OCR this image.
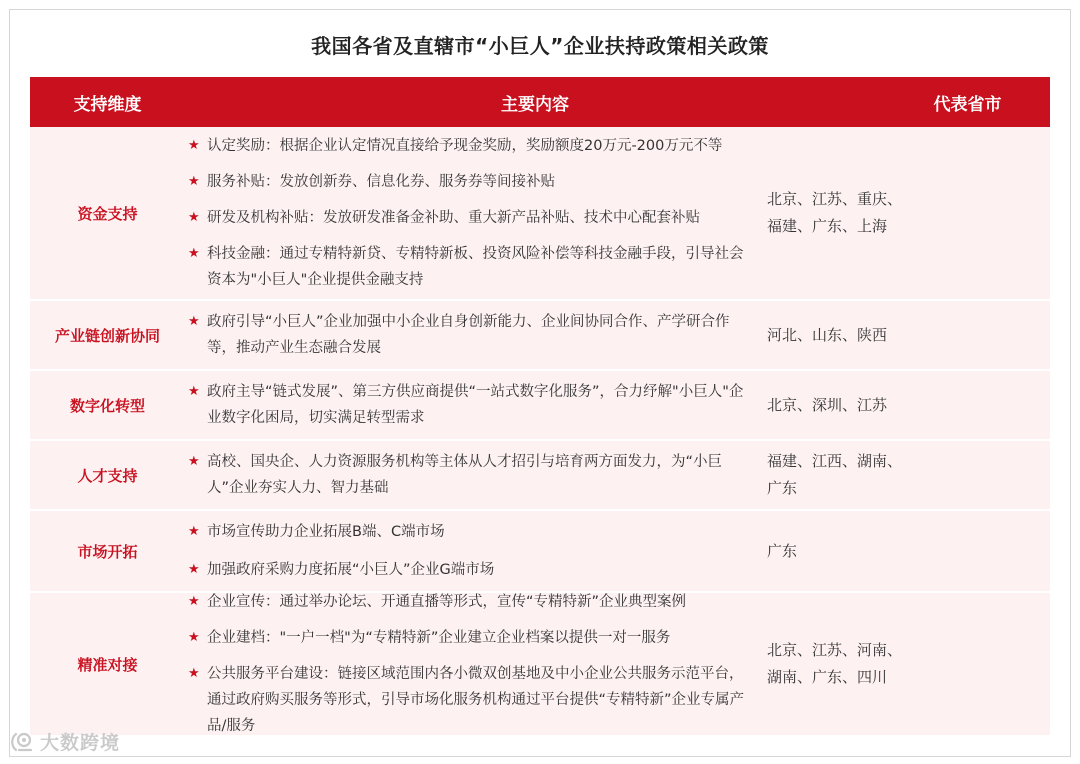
我国各省及直辖市“小巨人”企业扶持政策相关政策
支持维度	主要内容	代表省市
资金支持
★ 认定奖励：根据企业认定情况直接给予现金奖励，奖励额度20万元-200万元不等
★ 服务补贴：发放创新券、信息化券、服务券等间接补贴
★ 研发及机构补贴：发放研发准备金补助、重大新产品补贴、技术中心配套补贴
★ 科技金融：通过专精特新贷、专精特新板、投资风险补偿等科技金融手段，引导社会资本为"小巨人"企业提供金融支持
北京、江苏、重庆、福建、广东、上海
产业链创新协同
★ 政府引导“小巨人”企业加强中小企业自身创新能力、企业间协同合作、产学研合作等，推动产业生态融合发展
河北、山东、陕西
数字化转型
★ 政府主导“链式发展”、第三方供应商提供“一站式数字化服务”，合力纾解"小巨人"企业数字化困局，切实满足转型需求
北京、深圳、江苏
人才支持
★ 高校、国央企、人力资源服务机构等主体从人才招引与培育两方面发力，为“小巨 人”企业夯实人力、智力基础
福建、江西、湖南、广东
市场开拓
★ 市场宣传助力企业拓展B端、C端市场
★ 加强政府采购力度拓展“小巨人”企业G端市场
广东
精准对接
★ 企业宣传：通过举办论坛、开通直播等形式，宣传“专精特新”企业典型案例
★ 企业建档："一户一档"为“专精特新”企业建立企业档案以提供一对一服务
★ 公共服务平台建设：链接区域范围内各小微双创基地及中小企业公共服务示范平台，通过政府购买服务等形式，引导市场化服务机构通过平台提供“专精特新”企业专属产品/服务
北京、江苏、河南、湖南、广东、四川
大数跨境
